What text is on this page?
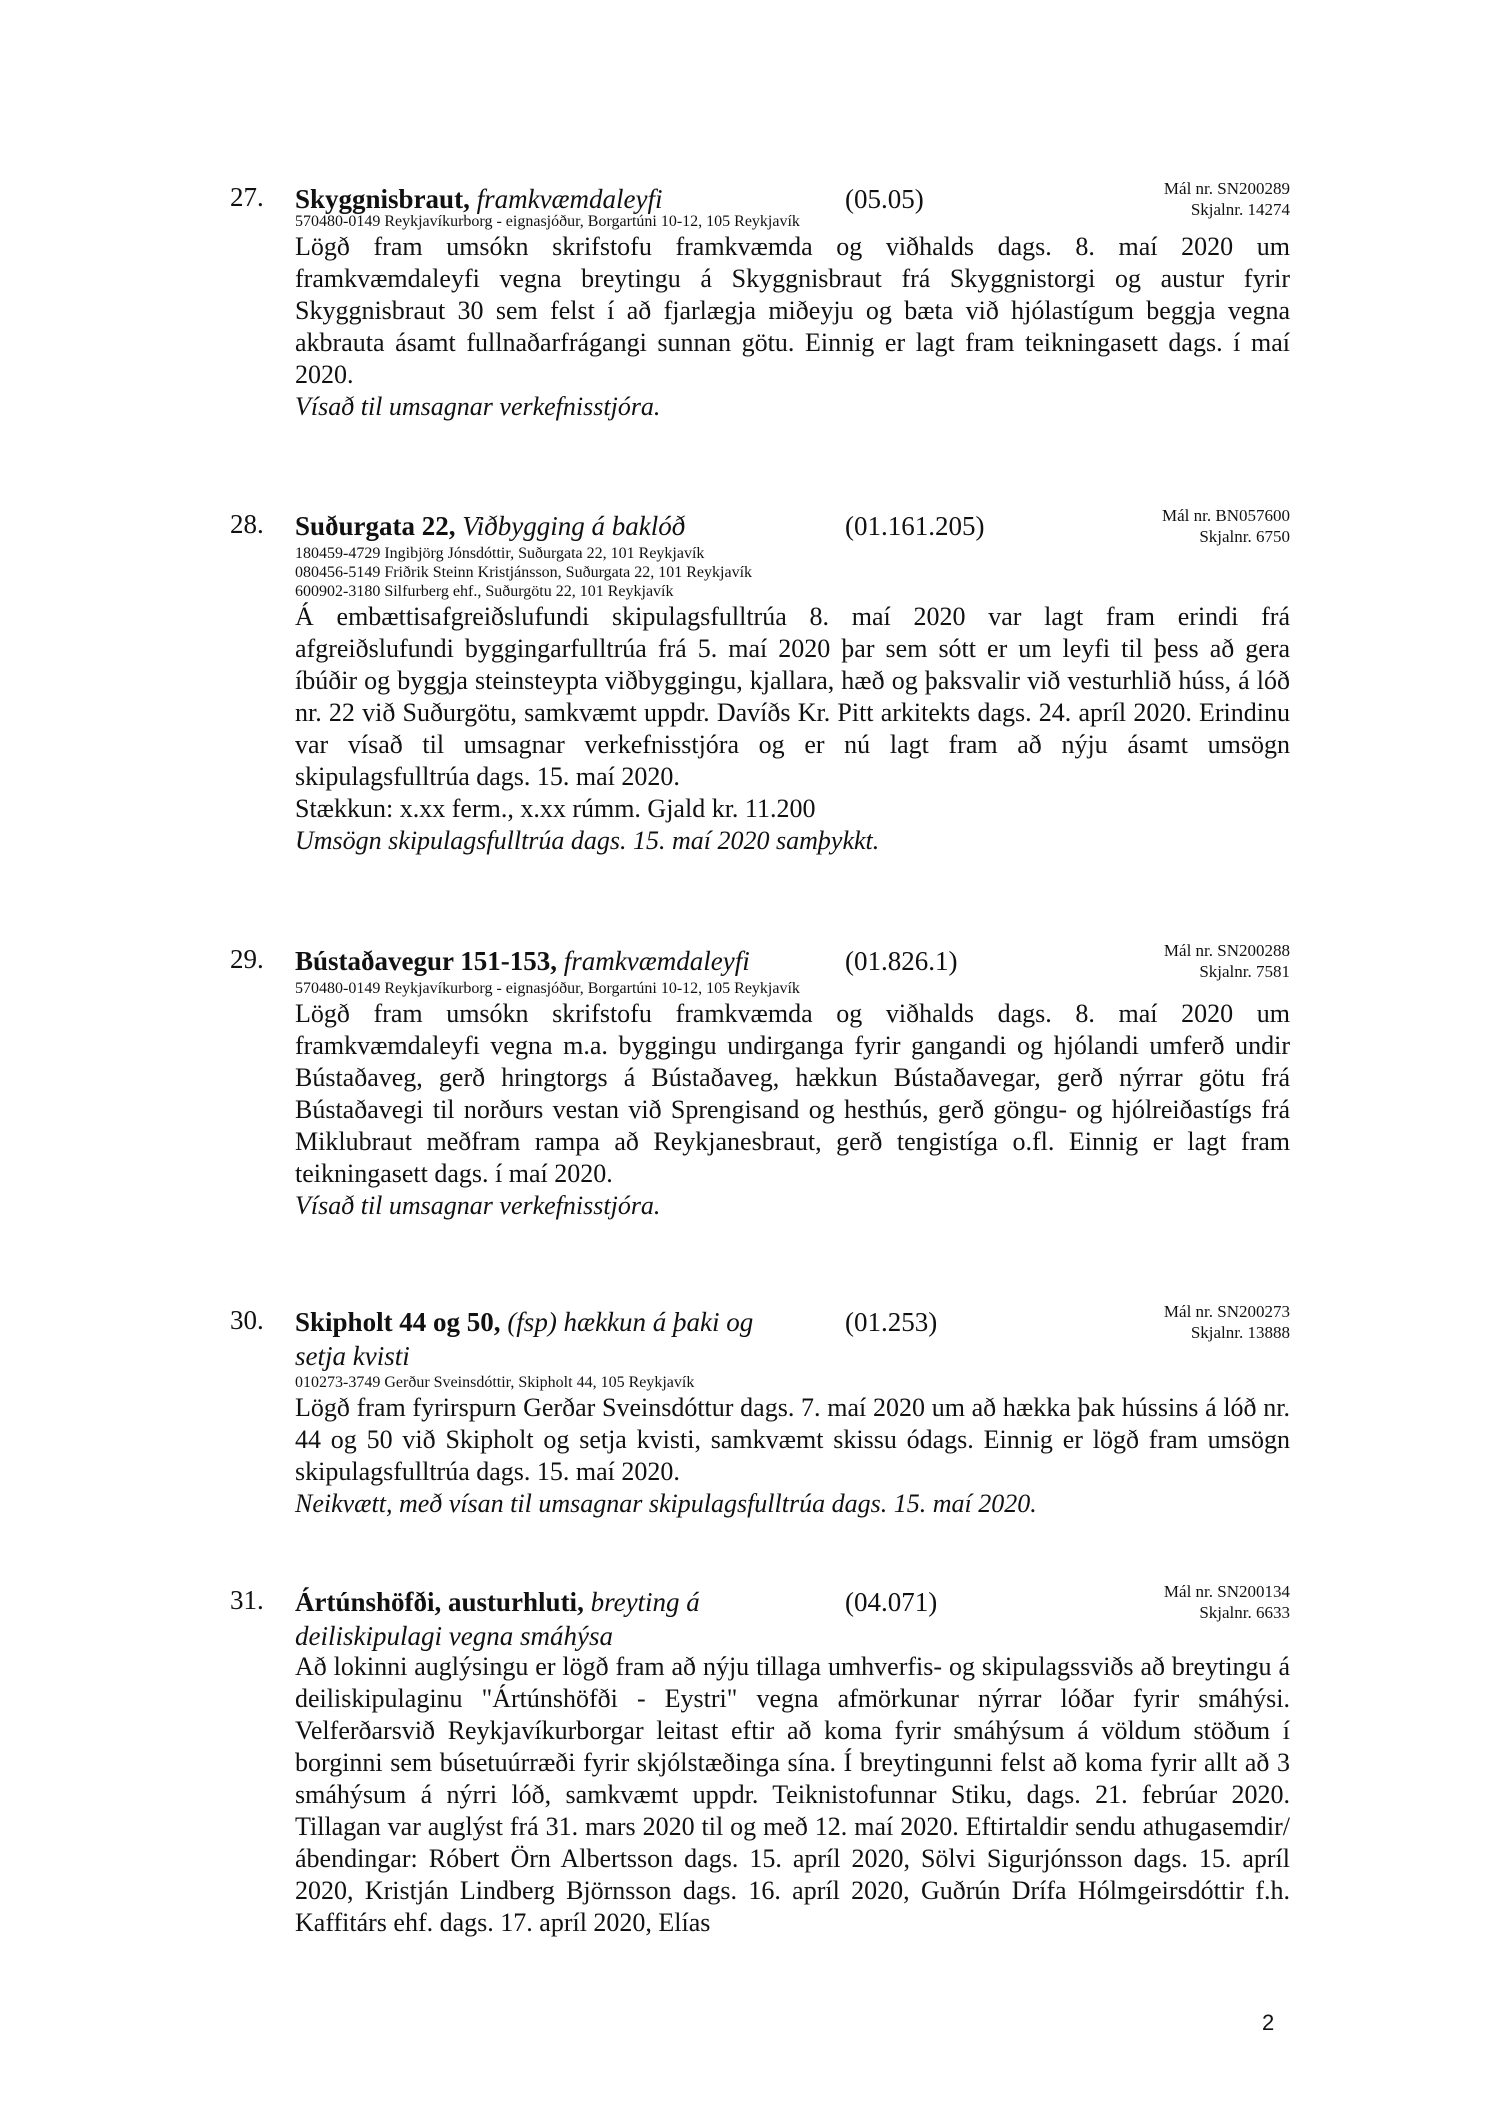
27. Skyggnisbraut, framkvæmdaleyfi	(05.05)	Mál nr. SN200289
Skjalnr. 14274
570480-0149 Reykjavíkurborg - eignasjóður, Borgartúni 10-12, 105 Reykjavík
Lögð fram umsókn skrifstofu framkvæmda og viðhalds dags. 8. maí 2020 um framkvæmdaleyfi vegna breytingu á Skyggnisbraut frá Skyggnistorgi og austur fyrir Skyggnisbraut 30 sem felst í að fjarlægja miðeyju og bæta við hjólastígum beggja vegna akbrauta ásamt fullnaðarfrágangi sunnan götu. Einnig er lagt fram teikningasett dags. í maí 2020.
Vísað til umsagnar verkefnisstjóra.
28. Suðurgata 22, Viðbygging á baklóð	(01.161.205)	Mál nr. BN057600
Skjalnr. 6750
180459-4729 Ingibjörg Jónsdóttir, Suðurgata 22, 101 Reykjavík
080456-5149 Friðrik Steinn Kristjánsson, Suðurgata 22, 101 Reykjavík
600902-3180 Silfurberg ehf., Suðurgötu 22, 101 Reykjavík
Á embættisafgreiðslufundi skipulagsfulltrúa 8. maí 2020 var lagt fram erindi frá afgreiðslufundi byggingarfulltrúa frá 5. maí 2020 þar sem sótt er um leyfi til þess að gera íbúðir og byggja steinsteypta viðbyggingu, kjallara, hæð og þaksvalir við vesturhlið húss, á lóð nr. 22 við Suðurgötu, samkvæmt uppdr. Davíðs Kr. Pitt arkitekts dags. 24. apríl 2020. Erindinu var vísað til umsagnar verkefnisstjóra og er nú lagt fram að nýju ásamt umsögn skipulagsfulltrúa dags. 15. maí 2020.
Stækkun: x.xx ferm., x.xx rúmm. Gjald kr. 11.200
Umsögn skipulagsfulltrúa dags. 15. maí 2020 samþykkt.
29. Bústaðavegur 151-153, framkvæmdaleyfi	(01.826.1)	Mál nr. SN200288
Skjalnr. 7581
570480-0149 Reykjavíkurborg - eignasjóður, Borgartúni 10-12, 105 Reykjavík
Lögð fram umsókn skrifstofu framkvæmda og viðhalds dags. 8. maí 2020 um framkvæmdaleyfi vegna m.a. byggingu undirganga fyrir gangandi og hjólandi umferð undir Bústaðaveg, gerð hringtorgs á Bústaðaveg, hækkun Bústaðavegar, gerð nýrrar götu frá Bústaðavegi til norðurs vestan við Sprengisand og hesthús, gerð göngu- og hjólreiðastígs frá Miklubraut meðfram rampa að Reykjanesbraut, gerð tengistíga o.fl. Einnig er lagt fram teikningasett dags. í maí 2020.
Vísað til umsagnar verkefnisstjóra.
30. Skipholt 44 og 50, (fsp) hækkun á þaki og setja kvisti
(01.253)	Mál nr. SN200273
Skjalnr. 13888
010273-3749 Gerður Sveinsdóttir, Skipholt 44, 105 Reykjavík
Lögð fram fyrirspurn Gerðar Sveinsdóttur dags. 7. maí 2020 um að hækka þak hússins á lóð nr. 44 og 50 við Skipholt og setja kvisti, samkvæmt skissu ódags. Einnig er lögð fram umsögn skipulagsfulltrúa dags. 15. maí 2020.
Neikvætt, með vísan til umsagnar skipulagsfulltrúa dags. 15. maí 2020.
31. Ártúnshöfði, austurhluti, breyting á deiliskipulagi vegna smáhýsa
(04.071)	Mál nr. SN200134
Skjalnr. 6633
Að lokinni auglýsingu er lögð fram að nýju tillaga umhverfis- og skipulagssviðs að breytingu á deiliskipulaginu "Ártúnshöfði - Eystri" vegna afmörkunar nýrrar lóðar fyrir smáhýsi. Velferðarsvið Reykjavíkurborgar leitast eftir að koma fyrir smáhýsum á völdum stöðum í borginni sem búsetuúrræði fyrir skjólstæðinga sína. Í breytingunni felst að koma fyrir allt að 3 smáhýsum á nýrri lóð, samkvæmt uppdr. Teiknistofunnar Stiku, dags. 21. febrúar 2020. Tillagan var auglýst frá 31. mars 2020 til og með 12. maí 2020. Eftirtaldir sendu athugasemdir/ábendingar: Róbert Örn Albertsson dags. 15. apríl 2020, Sölvi Sigurjónsson dags. 15. apríl 2020, Kristján Lindberg Björnsson dags. 16. apríl 2020, Guðrún Drífa Hólmgeirsdóttir f.h. Kaffitárs ehf. dags. 17. apríl 2020, Elías
2
